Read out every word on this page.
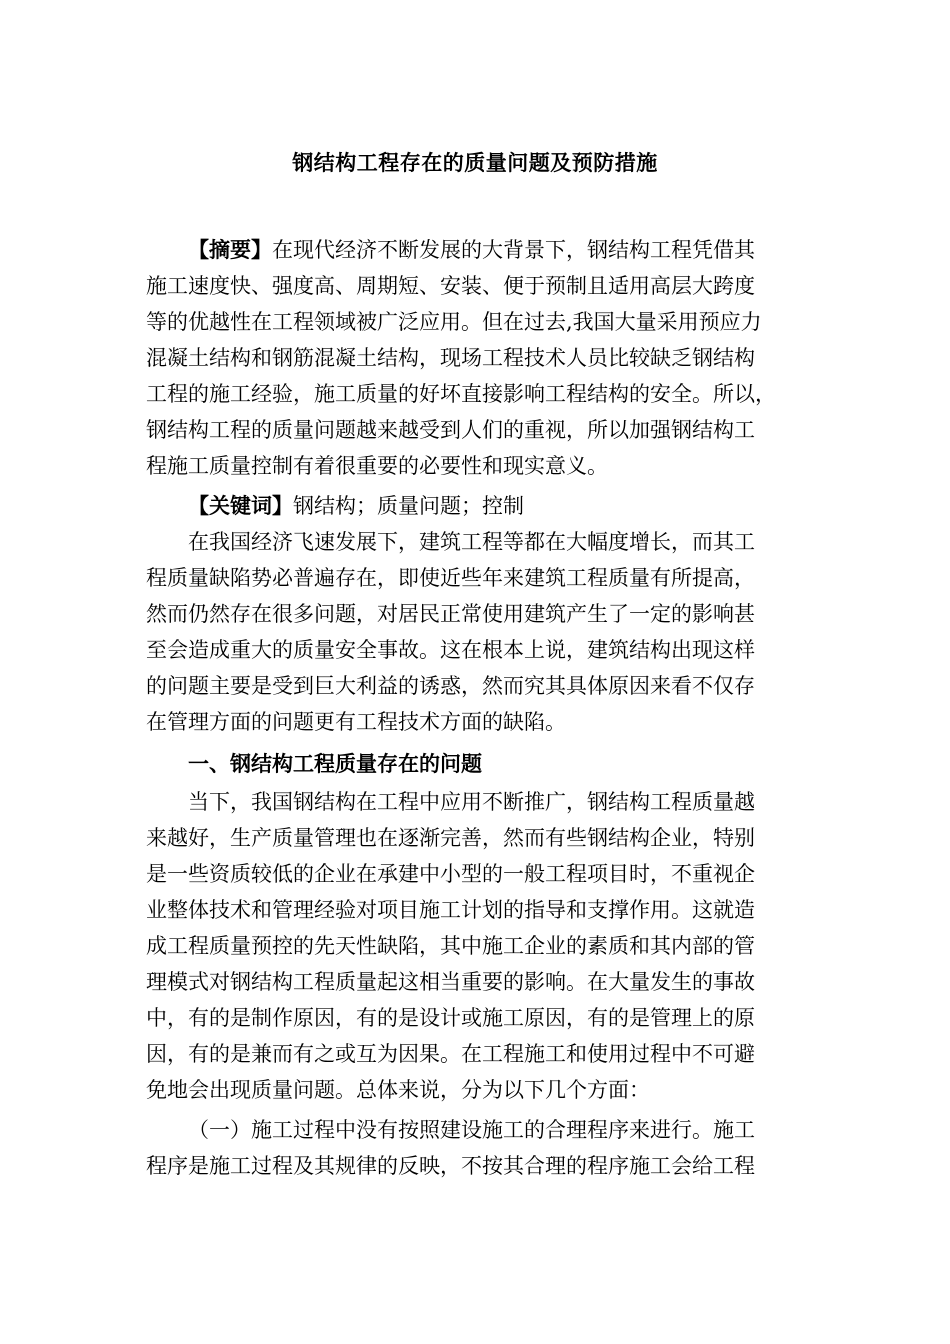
钢结构工程存在的质量问题及预防措施
【摘要】在现代经济不断发展的大背景下，钢结构工程凭借其
施工速度快、强度高、周期短、安装、便于预制且适用高层大跨度
等的优越性在工程领域被广泛应用。但在过去,我国大量采用预应力
混凝土结构和钢筋混凝土结构，现场工程技术人员比较缺乏钢结构
工程的施工经验，施工质量的好坏直接影响工程结构的安全。所以，
钢结构工程的质量问题越来越受到人们的重视，所以加强钢结构工
程施工质量控制有着很重要的必要性和现实意义。
【关键词】钢结构；质量问题；控制
在我国经济飞速发展下，建筑工程等都在大幅度增长，而其工
程质量缺陷势必普遍存在，即使近些年来建筑工程质量有所提高，
然而仍然存在很多问题，对居民正常使用建筑产生了一定的影响甚
至会造成重大的质量安全事故。这在根本上说，建筑结构出现这样
的问题主要是受到巨大利益的诱惑，然而究其具体原因来看不仅存
在管理方面的问题更有工程技术方面的缺陷。
一、钢结构工程质量存在的问题
当下，我国钢结构在工程中应用不断推广，钢结构工程质量越
来越好，生产质量管理也在逐渐完善，然而有些钢结构企业，特别
是一些资质较低的企业在承建中小型的一般工程项目时，不重视企
业整体技术和管理经验对项目施工计划的指导和支撑作用。这就造
成工程质量预控的先天性缺陷，其中施工企业的素质和其内部的管
理模式对钢结构工程质量起这相当重要的影响。在大量发生的事故
中，有的是制作原因，有的是设计或施工原因，有的是管理上的原
因，有的是兼而有之或互为因果。在工程施工和使用过程中不可避
免地会出现质量问题。总体来说，分为以下几个方面：
（一）施工过程中没有按照建设施工的合理程序来进行。施工
程序是施工过程及其规律的反映，不按其合理的程序施工会给工程
